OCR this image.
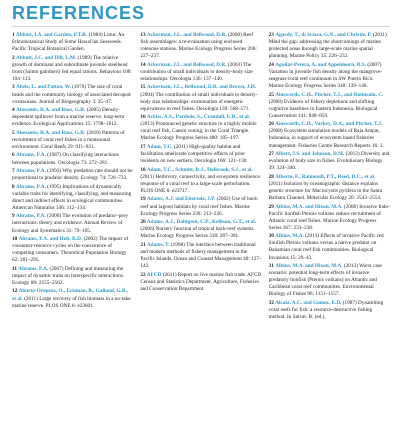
REFERENCES

1 Abbott, I.A. and Garden, P.T.R. (1984) Limu: An Ethnobotanical Study of Some Hawai'ian Seaweeds. Pacific Tropical Botanical Garden.

2 Abbott, J.C. and Dill, L.M. (1989) The relative growth of dominant and subordinate juvenile steelhead trout (Salmo gairdneri) fed equal rations. Behaviour 108: 104–113.

3 Abele, L. and Patton, W. (1976) The size of coral heads and the community biology of associated decapod crustaceans. Journal of Biogeography 3: 35–47.

4 Abesamis, R.A. and Russ, G.R. (2005) Density-dependent spillover from a marine reserve: long-term evidence. Ecological Applications 15: 1798–1812.

5 Abesamis, R.A. and Russ, G.R. (2010) Patterns of recruitment of coral reef fishes in a monsoonal environment. Coral Reefs 29: 911–921.

6 Abrams, P.A. (1987) On classifying interactions between populations. Oecologia 73: 272–281.

7 Abrams, P.A. (1993) Why predation rate should not be proportional to predator density. Ecology 74: 726–733.

8 Abrams, P.A. (1995) Implications of dynamically variable traits for identifying, classifying, and measuring direct and indirect effects in ecological communities. American Naturalist 146: 112–134.

9 Abrams, P.A. (2000) The evolution of predator–prey interactions: theory and evidence. Annual Review of Ecology and Systematics 31: 79–105.

10 Abrams, P.A. and Holt, R.D. (2002) The impact of consumer-resource cycles on the coexistence of competing consumers. Theoretical Population Biology 62: 281–295.

11 Abrams, P.A. (2007) Defining and measuring the impact of dynamic traits on interspecific interactions. Ecology 88: 2555–2562.

12 Aburto-Oropeza, O., Erisman, B., Galland, G.R., et al. (2011) Large recovery of fish biomass in a no-take marine reserve. PLOS ONE 6: e23601.

13 Ackerman, J.L. and Bellwood, D.R. (2000) Reef fish assemblages: a re-evaluation using enclosed rotenone stations. Marine Ecology Progress Series 206: 227–237.

14 Ackerman, J.L. and Bellwood, D.R. (2003) The contribution of small individuals to density-body size relationships. Oecologia 136: 137–140.

15 Ackerman, J.L., Bellwood, D.R. and Brown, J.H. (2004) The contribution of small individuals to density-body size relationships: examination of energetic equivalence in reef fishes. Oecologia 139: 568–571.

16 Ackiss, A.S., Pardede, S., Crandall, E.D., et al. (2013) Pronounced genetic structure in a highly mobile coral reef fish, Caesio cuning, in the Coral Triangle. Marine Ecology Progress Series 480: 185–197.

17 Adam, T.C. (2011) High-quality habitat and facilitation ameliorate competitive effects of prior residents on new settlers. Oecologia 166: 121–130.

18 Adam, T.C., Schmitt, R.J., Holbrook, S.J., et al. (2011) Herbivory, connectivity, and ecosystem resilience: response of a coral reef to a large-scale perturbation. PLOS ONE 6: e23717.

19 Adams, A.J. and Ebersole, J.P. (2002) Use of back-reef and lagoon habitats by coral reef fishes. Marine Ecology Progress Series 228: 213–226.

20 Adams, A.J., Dahlgren, C.P., Kellison, G.T., et al. (2006) Nursery function of tropical back-reef systems. Marine Ecology Progress Series 318: 287–301.

21 Adams, T. (1998) The interface between traditional and modern methods of fishery management in the Pacific Islands. Ocean and Coastal Management 40: 127–142.

22 AFCD (2011) Report on live marine fish trade. AFCD Census and Statistics Department, Agriculture, Fisheries and Conservation Department.

23 Agardy, T., di Sciara, G.N., and Christie, P. (2011) Mind the gap: addressing the shortcomings of marine protected areas through large-scale marine spatial planning. Marine Policy 35: 226–232.

24 Aguilar-Perera, A. and Appeldoorn, R.S. (2007) Variation in juvenile fish density along the mangrove-seagrass-coral reef continuum in SW Puerto Rico. Marine Ecology Progress Series 348: 139–148.

25 Ainsworth, C.H., Pitcher, T.J., and Rotinsulu, C. (2008) Evidence of fishery depletions and shifting cognitive baselines in Eastern Indonesia. Biological Conservation 141: 848–859.

26 Ainsworth, C.H., Varkey, D.A., and Pitcher, T.J. (2008) Ecosystem simulation models of Raja Ampat, Indonesia, in support of ecosystem based fisheries management. Fisheries Centre Research Reports 16: 3.

27 Albert, J.S. and Johnson, D.M. (2012) Diversity and evolution of body size in fishes. Evolutionary Biology 39: 324–340.

28 Alberto, F., Raimondi, P.T., Reed, D.C., et al. (2011) Isolation by oceanographic distance explains genetic structure for Macrocystis pyrifera in the Santa Barbara Channel. Molecular Ecology 20: 2543–2554.

29 Albins, M.A. and Hixon, M.A. (2008) Invasive Indo-Pacific lionfish Pterois volitans reduce recruitment of Atlantic coral reef fishes. Marine Ecology Progress Series 367: 233–238.

30 Albins, M.A. (2013) Effects of invasive Pacific red lionfish Pterois volitans versus a native predator on Bahamian coral reef fish communities. Biological Invasions 15: 29–43.

31 Albins, M.A. and Hixon, M.A. (2013) Worst case scenario: potential long-term effects of invasive predatory lionfish (Pterois volitans) on Atlantic and Caribbean coral reef communities. Environmental Biology of Fishes 96: 1151–1157.

32 Alcala, A.C. and Gomez, E.D. (1987) Dynamiting coral reefs for fish: a resource-destructive fishing method. In Salvat, B. (ed.),
